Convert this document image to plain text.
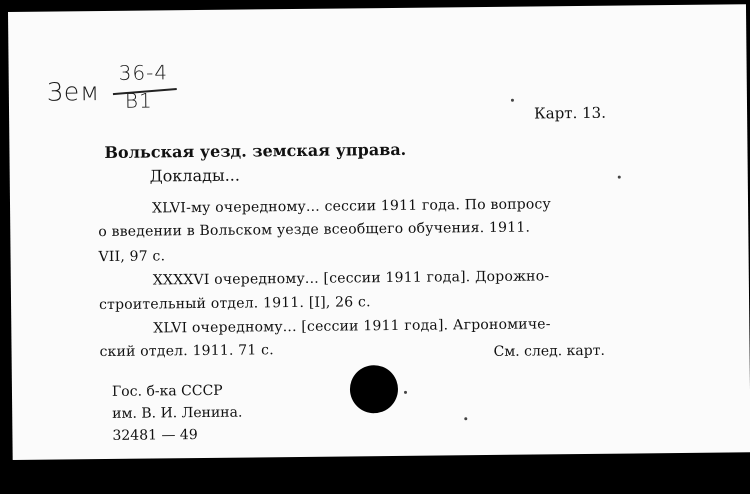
Зем
36-4
В1
Карт. 13.
Вольская уезд. земская управа.
Доклады...
XLVI-му очередному... сессии 1911 года. По вопросу
о введении в Вольском уезде всеобщего обучения. 1911.
VII, 97 с.
XXXXVI очередному... [сессии 1911 года]. Дорожно-
строительный отдел. 1911. [I], 26 с.
XLVI очередному... [сессии 1911 года]. Агрономиче-
ский отдел. 1911. 71 с.	См. след. карт.
Гос. б-ка СССР
им. В. И. Ленина.
32481 — 49
